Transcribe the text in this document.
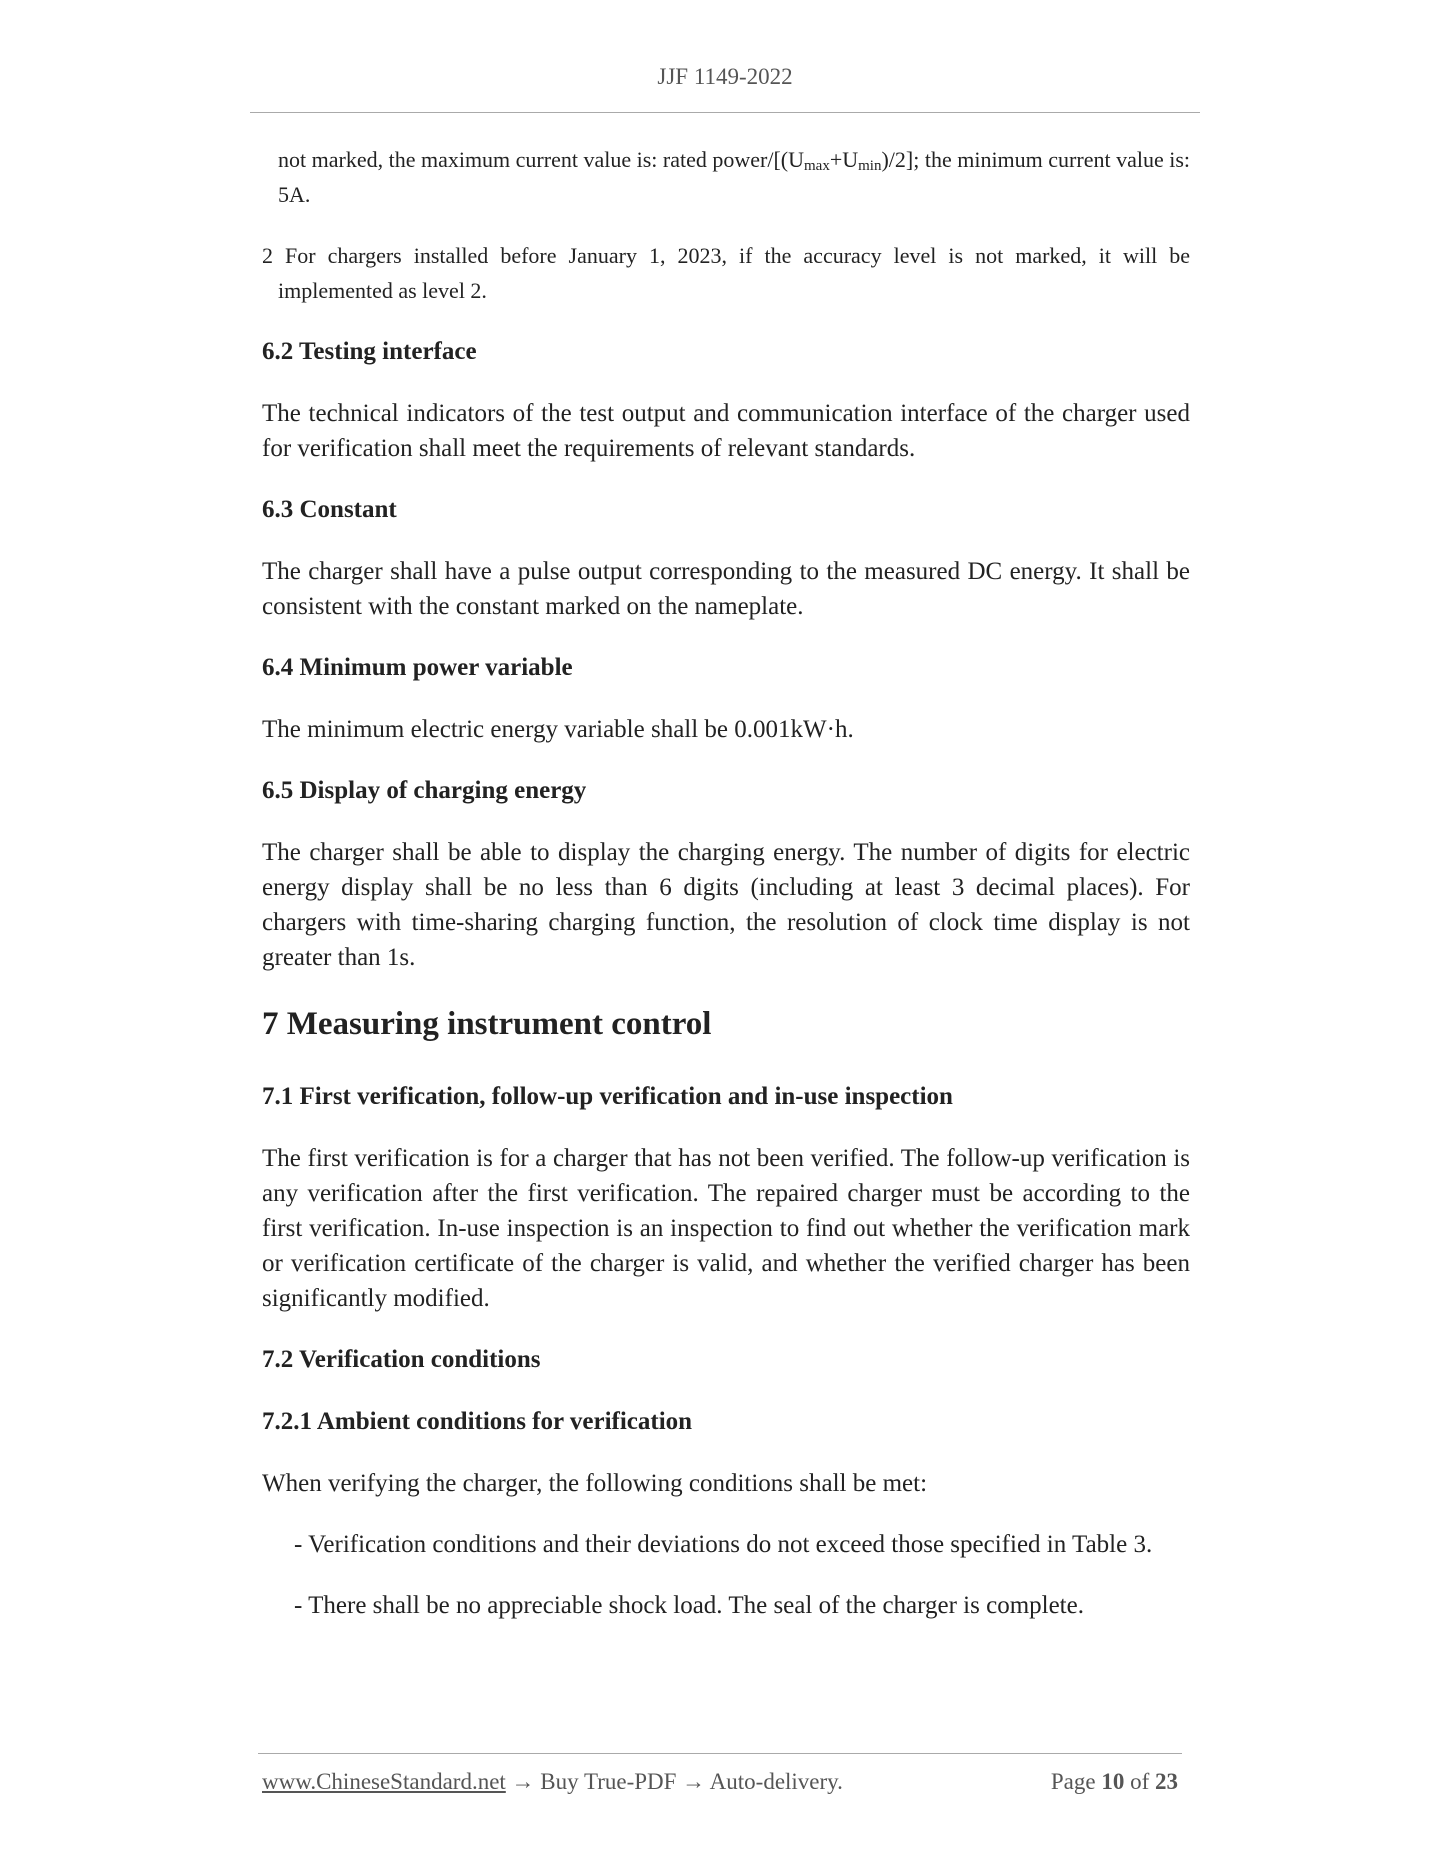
JJF 1149-2022
not marked, the maximum current value is: rated power/$[(U_{max}+U_{min})/2]$; the minimum current value is: 5A.
2 For chargers installed before January 1, 2023, if the accuracy level is not marked, it will be implemented as level 2.
6.2 Testing interface

The technical indicators of the test output and communication interface of the charger used for verification shall meet the requirements of relevant standards.

6.3 Constant

The charger shall have a pulse output corresponding to the measured DC energy. It shall be consistent with the constant marked on the nameplate.

6.4 Minimum power variable

The minimum electric energy variable shall be 0.001kW·h.

6.5 Display of charging energy

The charger shall be able to display the charging energy. The number of digits for electric energy display shall be no less than 6 digits (including at least 3 decimal places). For chargers with time-sharing charging function, the resolution of clock time display is not greater than 1s.

7 Measuring instrument control
7.1 First verification, follow-up verification and in-use inspection

The first verification is for a charger that has not been verified. The follow-up verification is any verification after the first verification. The repaired charger must be according to the first verification. In-use inspection is an inspection to find out whether the verification mark or verification certificate of the charger is valid, and whether the verified charger has been significantly modified.

7.2 Verification conditions
7.2.1 Ambient conditions for verification

When verifying the charger, the following conditions shall be met:

- Verification conditions and their deviations do not exceed those specified in Table 3.
- There shall be no appreciable shock load. The seal of the charger is complete.
www.ChineseStandard.net → Buy True-PDF → Auto-delivery.	Page 10 of 23
